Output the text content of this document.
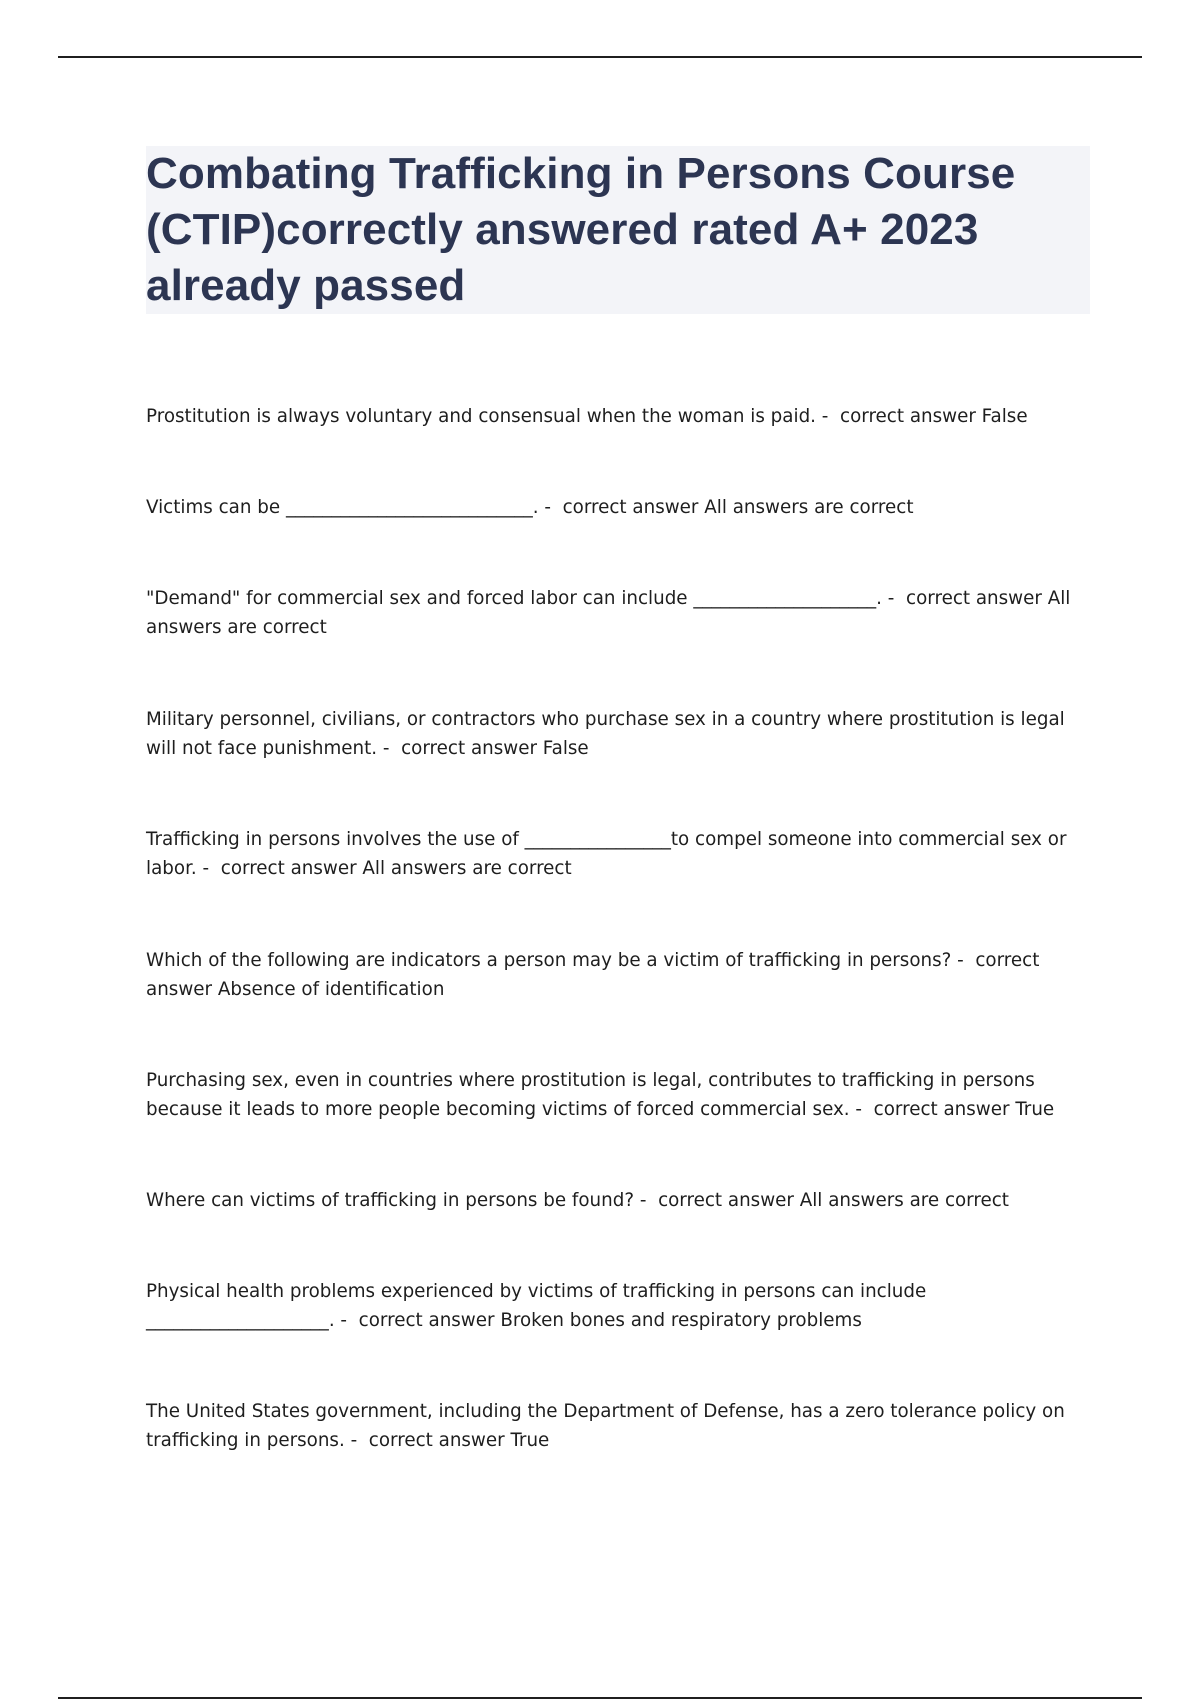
Combating Trafficking in Persons Course (CTIP)correctly answered rated A+ 2023 already passed

Prostitution is always voluntary and consensual when the woman is paid. - correct answer False

Victims can be ___________________________. - correct answer All answers are correct

"Demand" for commercial sex and forced labor can include ____________________. - correct answer All answers are correct

Military personnel, civilians, or contractors who purchase sex in a country where prostitution is legal will not face punishment. - correct answer False

Trafficking in persons involves the use of ________________to compel someone into commercial sex or labor. - correct answer All answers are correct

Which of the following are indicators a person may be a victim of trafficking in persons? - correct answer Absence of identification

Purchasing sex, even in countries where prostitution is legal, contributes to trafficking in persons because it leads to more people becoming victims of forced commercial sex. - correct answer True

Where can victims of trafficking in persons be found? - correct answer All answers are correct

Physical health problems experienced by victims of trafficking in persons can include ____________________. - correct answer Broken bones and respiratory problems

The United States government, including the Department of Defense, has a zero tolerance policy on trafficking in persons. - correct answer True
